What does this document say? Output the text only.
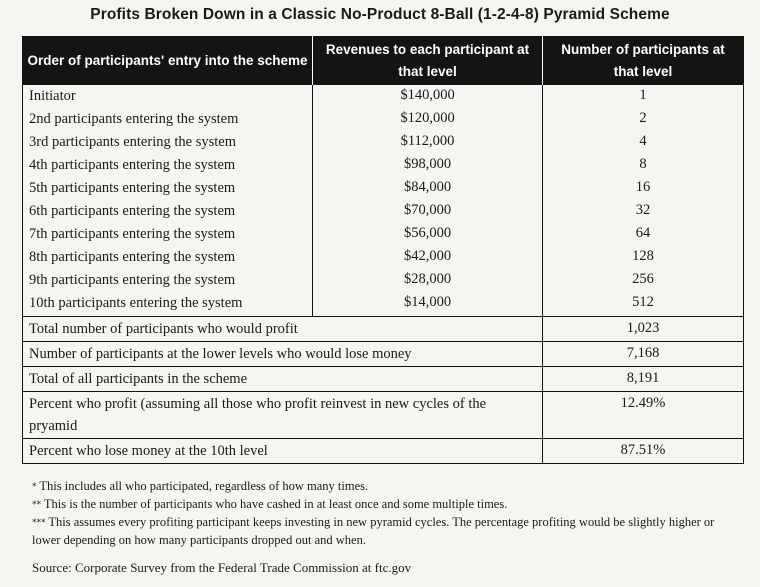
Profits Broken Down in a Classic No-Product 8-Ball (1-2-4-8) Pyramid Scheme
Order of participants' entry into the scheme	Revenues to each participant at that level	Number of participants at that level
Initiator	$140,000	1
2nd participants entering the system	$120,000	2
3rd participants entering the system	$112,000	4
4th participants entering the system	$98,000	8
5th participants entering the system	$84,000	16
6th participants entering the system	$70,000	32
7th participants entering the system	$56,000	64
8th participants entering the system	$42,000	128
9th participants entering the system	$28,000	256
10th participants entering the system	$14,000	512
Total number of participants who would profit		1,023
Number of participants at the lower levels who would lose money		7,168
Total of all participants in the scheme		8,191
Percent who profit (assuming all those who profit reinvest in new cycles of the pryamid		12.49%
Percent who lose money at the 10th level		87.51%
* This includes all who participated, regardless of how many times.
** This is the number of participants who have cashed in at least once and some multiple times.
*** This assumes every profiting participant keeps investing in new pyramid cycles. The percentage profiting would be slightly higher or lower depending on how many participants dropped out and when.
Source: Corporate Survey from the Federal Trade Commission at ftc.gov
